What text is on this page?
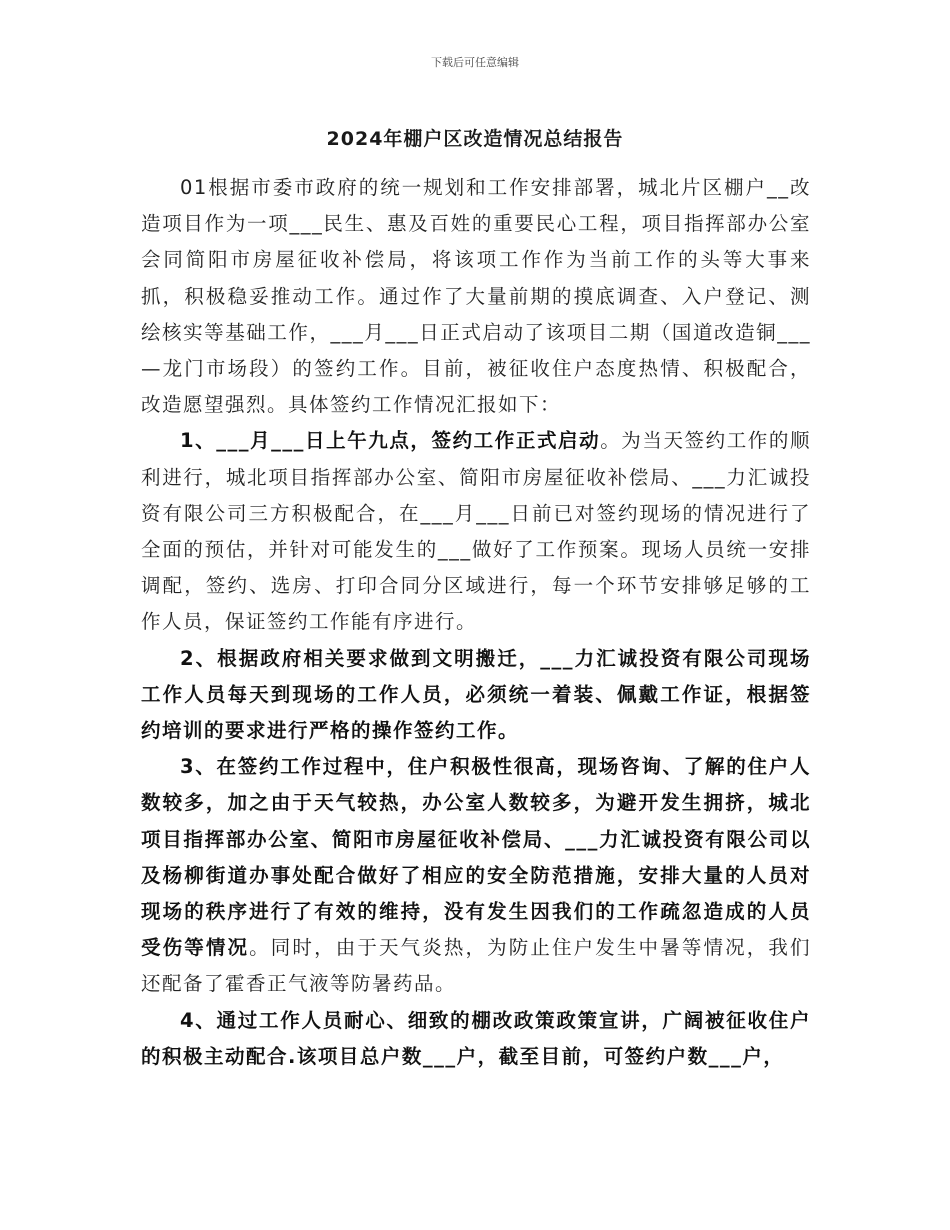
下载后可任意编辑
2024年棚户区改造情况总结报告

01根据市委市政府的统一规划和工作安排部署，城北片区棚户__改造项目作为一项___民生、惠及百姓的重要民心工程，项目指挥部办公室会同简阳市房屋征收补偿局，将该项工作作为当前工作的头等大事来抓，积极稳妥推动工作。通过作了大量前期的摸底调查、入户登记、测绘核实等基础工作，___月___日正式启动了该项目二期（国道改造铜___—龙门市场段）的签约工作。目前，被征收住户态度热情、积极配合，改造愿望强烈。具体签约工作情况汇报如下：

1、___月___日上午九点，签约工作正式启动。为当天签约工作的顺利进行，城北项目指挥部办公室、简阳市房屋征收补偿局、___力汇诚投资有限公司三方积极配合，在___月___日前已对签约现场的情况进行了全面的预估，并针对可能发生的___做好了工作预案。现场人员统一安排调配，签约、选房、打印合同分区域进行，每一个环节安排够足够的工作人员，保证签约工作能有序进行。

2、根据政府相关要求做到文明搬迁，___力汇诚投资有限公司现场工作人员每天到现场的工作人员，必须统一着装、佩戴工作证，根据签约培训的要求进行严格的操作签约工作。

3、在签约工作过程中，住户积极性很高，现场咨询、了解的住户人数较多，加之由于天气较热，办公室人数较多，为避开发生拥挤，城北项目指挥部办公室、简阳市房屋征收补偿局、___力汇诚投资有限公司以及杨柳街道办事处配合做好了相应的安全防范措施，安排大量的人员对现场的秩序进行了有效的维持，没有发生因我们的工作疏忽造成的人员受伤等情况。同时，由于天气炎热，为防止住户发生中暑等情况，我们还配备了霍香正气液等防暑药品。

4、通过工作人员耐心、细致的棚改政策政策宣讲，广阔被征收住户的积极主动配合.该项目总户数___户，截至目前，可签约户数___户，
